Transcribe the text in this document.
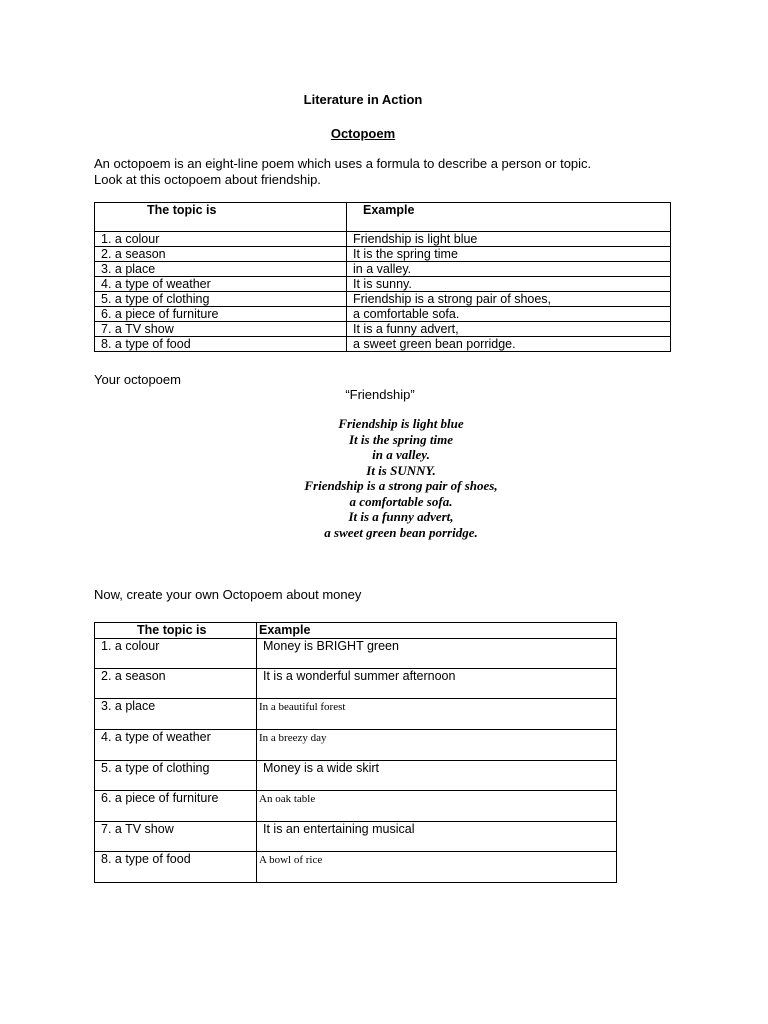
Literature in Action
Octopoem

An octopoem is an eight-line poem which uses a formula to describe a person or topic.

Look at this octopoem about friendship.

The topic is	Example
1. a colour	Friendship is light blue
2. a season	It is the spring time
3. a place	in a valley.
4. a type of weather	It is sunny.
5. a type of clothing	Friendship is a strong pair of shoes,
6. a piece of furniture	a comfortable sofa.
7. a TV show	It is a funny advert,
8. a type of food	a sweet green bean porridge.
Your octopoem
“Friendship”
Friendship is light blue
It is the spring time
in a valley.
It is SUNNY.
Friendship is a strong pair of shoes,
a comfortable sofa.
It is a funny advert,
a sweet green bean porridge.
Now, create your own Octopoem about money
The topic is	Example
1. a colour	Money is BRIGHT green
2. a season	It is a wonderful summer afternoon
3. a place	In a beautiful forest
4. a type of weather	In a breezy day
5. a type of clothing	Money is a wide skirt
6. a piece of furniture	An oak table
7. a TV show	It is an entertaining musical
8. a type of food	A bowl of rice
